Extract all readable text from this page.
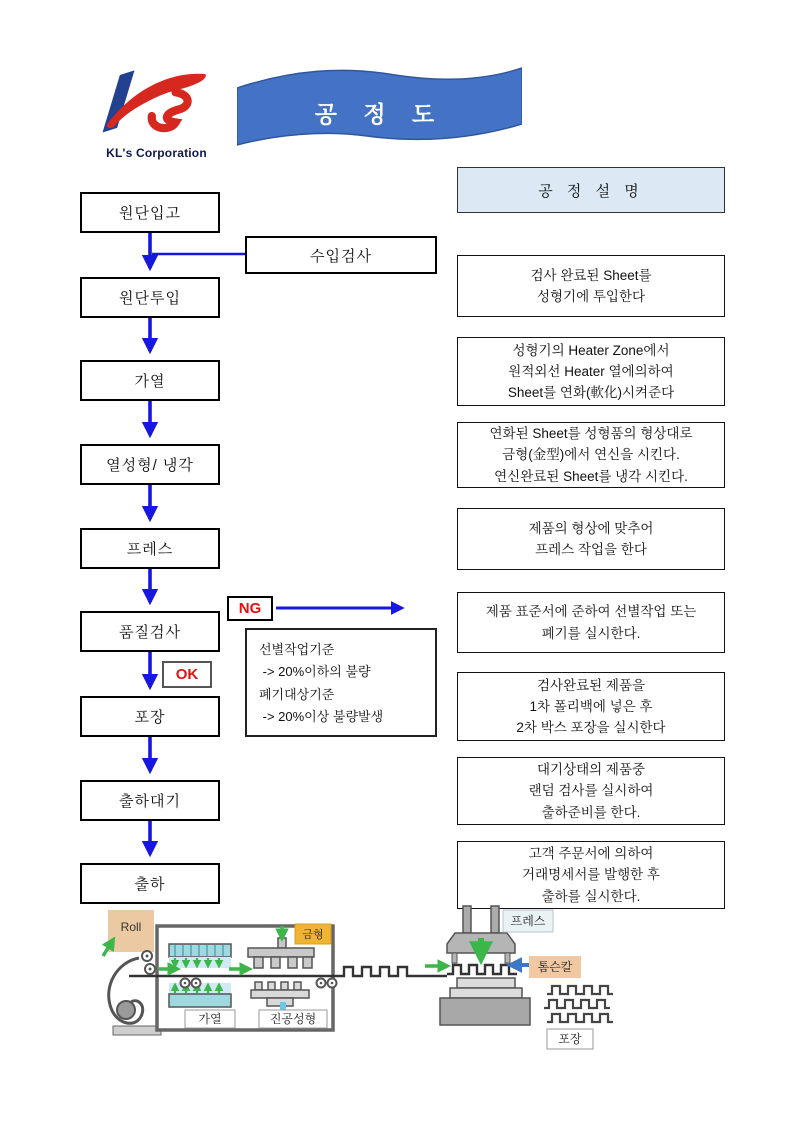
KL's Corporation
공 정 도
원단입고
원단투입
가열
열성형/ 냉각
프레스
품질검사
포장
출하대기
출하
수입검사
NG
OK
선별작업기준
-> 20%이하의 불량
폐기대상기준
-> 20%이상 불량발생
공 정 설 명
검사 완료된 Sheet를
성형기에 투입한다
성형기의 Heater Zone에서
원적외선 Heater 열에의하여
Sheet를 연화(軟化)시켜준다
연화된 Sheet를 성형품의 형상대로
금형(金型)에서 연신을 시킨다.
연신완료된 Sheet를 냉각 시킨다.
제품의 형상에 맞추어
프레스 작업을 한다
제품 표준서에 준하여 선별작업 또는
폐기를 실시한다.
검사완료된 제품을
1차 폴리백에 넣은 후
2차 박스 포장을 실시한다
대기상태의 제품중
랜덤 검사를 실시하여
출하준비를 한다.
고객 주문서에 의하여
거래명세서를 발행한 후
출하를 실시한다.
Roll
금형
가열	진공성형
프레스
톰슨칼
포장
